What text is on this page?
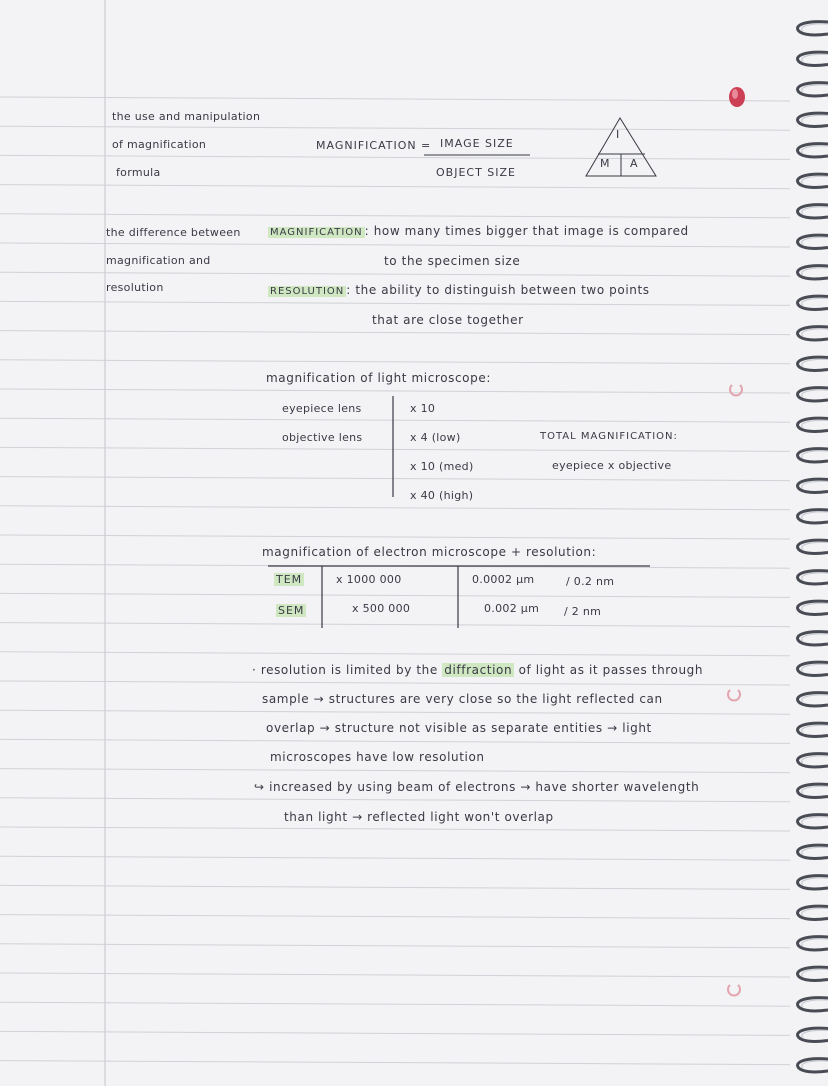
the use and manipulation
of magnification
formula
the difference between
magnification and
resolution
MAGNIFICATION = IMAGE SIZE
OBJECT SIZE
I
M A
MAGNIFICATION : how many times bigger that image is compared
to the specimen size
RESOLUTION : the ability to distinguish between two points
that are close together
magnification of light microscope:
eyepiece lens	x 10
objective lens	x 4 (low)
x 10 (med)
x 40 (high)
TOTAL MAGNIFICATION:
eyepiece x objective
magnification of electron microscope + resolution:
TEM	x 1000 000	0.0002 µm	/ 0.2 nm
SEM	x 500 000	0.002 µm / 2 nm
· resolution is limited by the diffraction of light as it passes through
sample → structures are very close so the light reflected can
overlap → structure not visible as separate entities → light
microscopes have low resolution
↪ increased by using beam of electrons → have shorter wavelength
than light → reflected light won't overlap
